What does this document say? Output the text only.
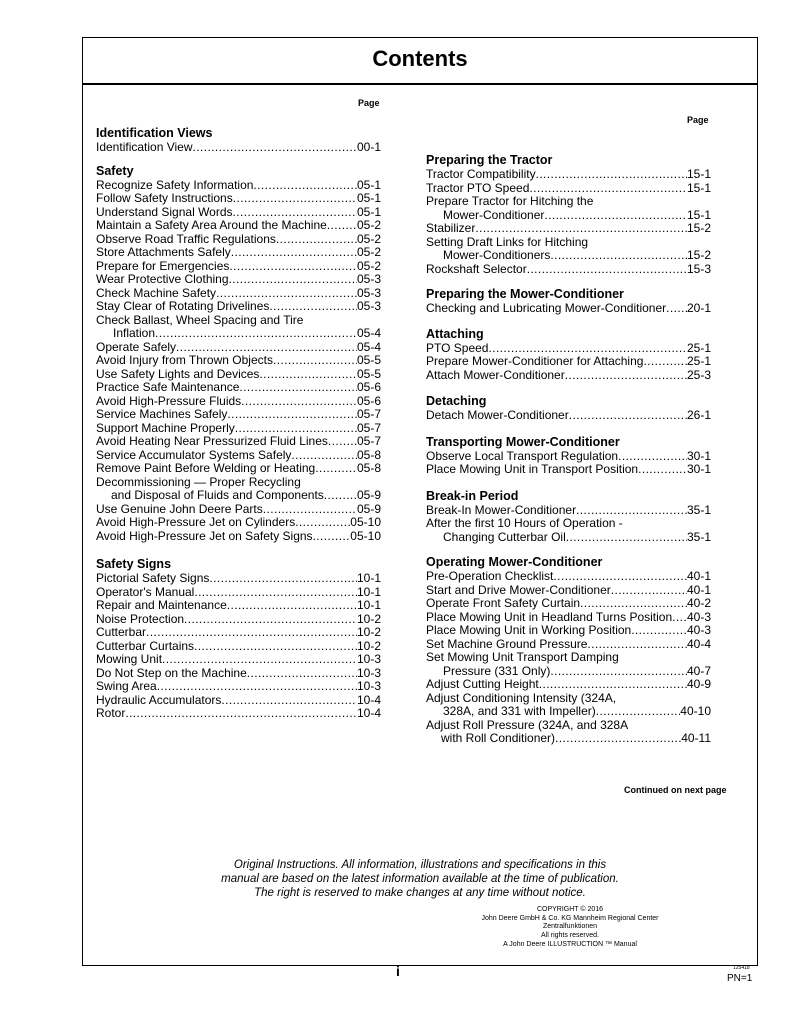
Contents
Page
Page
Identification Views
Identification View .....	00-1
Safety
Recognize Safety Information .....	05-1
Follow Safety Instructions .....	05-1
Understand Signal Words .....	05-1
Maintain a Safety Area Around the Machine .....	05-2
Observe Road Traffic Regulations .....	05-2
Store Attachments Safely .....	05-2
Prepare for Emergencies .....	05-2
Wear Protective Clothing .....	05-3
Check Machine Safety .....	05-3
Stay Clear of Rotating Drivelines .....	05-3
Check Ballast, Wheel Spacing and Tire
Inflation .....	05-4
Operate Safely .....	05-4
Avoid Injury from Thrown Objects .....	05-5
Use Safety Lights and Devices .....	05-5
Practice Safe Maintenance .....	05-6
Avoid High-Pressure Fluids .....	05-6
Service Machines Safely .....	05-7
Support Machine Properly .....	05-7
Avoid Heating Near Pressurized Fluid Lines ..... 05-7
Service Accumulator Systems Safely .....	05-8
Remove Paint Before Welding or Heating .....	05-8
Decommissioning — Proper Recycling
and Disposal of Fluids and Components .....	05-9
Use Genuine John Deere Parts .....	05-9
Avoid High-Pressure Jet on Cylinders .....	05-10
Avoid High-Pressure Jet on Safety Signs .....	05-10
Safety Signs
Pictorial Safety Signs .....	10-1
Operator's Manual .....	10-1
Repair and Maintenance .....	10-1
Noise Protection .....	10-2
Cutterbar .....	10-2
Cutterbar Curtains .....	10-2
Mowing Unit .....	10-3
Do Not Step on the Machine .....	10-3
Swing Area .....	10-3
Hydraulic Accumulators .....	10-4
Rotor .....	10-4
Preparing the Tractor
Tractor Compatibility .....	15-1
Tractor PTO Speed .....	15-1
Prepare Tractor for Hitching the
Mower-Conditioner .....	15-1
Stabilizer .....	15-2
Setting Draft Links for Hitching
Mower-Conditioners .....	15-2
Rockshaft Selector .....	15-3
Preparing the Mower-Conditioner
Checking and Lubricating Mower-Conditioner ..... 20-1
Attaching
PTO Speed .....	25-1
Prepare Mower-Conditioner for Attaching .....	25-1
Attach Mower-Conditioner .....	25-3
Detaching
Detach Mower-Conditioner .....	26-1
Transporting Mower-Conditioner
Observe Local Transport Regulation .....	30-1
Place Mowing Unit in Transport Position .....	30-1
Break-in Period
Break-In Mower-Conditioner .....	35-1
After the first 10 Hours of Operation -
Changing Cutterbar Oil .....	35-1
Operating Mower-Conditioner
Pre-Operation Checklist .....	40-1
Start and Drive Mower-Conditioner .....	40-1
Operate Front Safety Curtain .....	40-2
Place Mowing Unit in Headland Turns Position ..... 40-3
Place Mowing Unit in Working Position .....	40-3
Set Machine Ground Pressure .....	40-4
Set Mowing Unit Transport Damping
Pressure (331 Only) .....	40-7
Adjust Cutting Height .....	40-9
Adjust Conditioning Intensity (324A,
328A, and 331 with Impeller) .....	40-10
Adjust Roll Pressure (324A, and 328A
with Roll Conditioner) .....	40-11
Continued on next page
Original Instructions. All information, illustrations and specifications in this
manual are based on the latest information available at the time of publication.
The right is reserved to make changes at any time without notice.
COPYRIGHT © 2016
John Deere GmbH & Co. KG Mannheim Regional Center
Zentralfunktionen
All rights reserved.
A John Deere ILLUSTRUCTION ™ Manual
i	125418
PN=1
